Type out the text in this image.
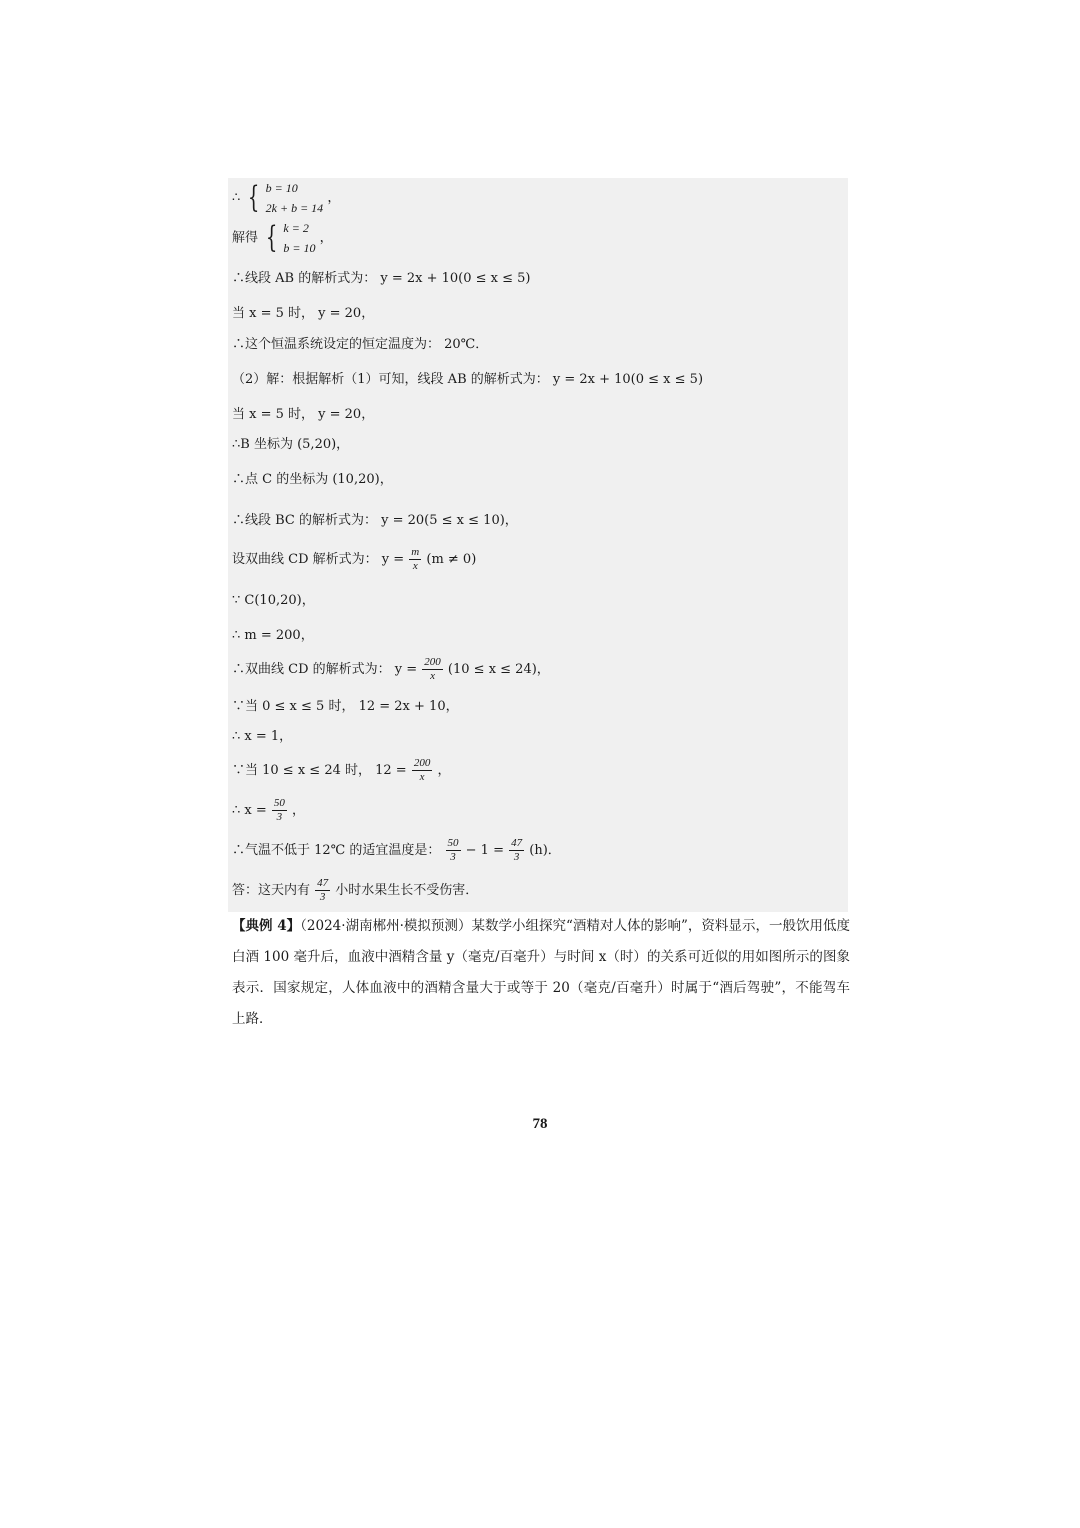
∴ { b = 10
2k + b = 14
，
解得 { k = 2
b = 10
，
∴线段 AB 的解析式为： y = 2x + 10(0 ≤ x ≤ 5)
当 x = 5 时， y = 20，
∴这个恒温系统设定的恒定温度为： 20℃．
（2）解：根据解析（1）可知，线段 AB 的解析式为： y = 2x + 10(0 ≤ x ≤ 5)
当 x = 5 时， y = 20，
∴B 坐标为 (5,20)，
∴点 C 的坐标为 (10,20)，
∴线段 BC 的解析式为： y = 20(5 ≤ x ≤ 10)，
设双曲线 CD 解析式为： $y = \frac{m}{x} (m \ne 0)$
∵ C(10,20)，
∴ m = 200，
∴双曲线 CD 的解析式为： $y = \frac{200}{x} (10 \le x \le 24)$，
∵当 0 ≤ x ≤ 5 时， 12 = 2x + 10，
∴ x = 1，
∵当 10 ≤ x ≤ 24 时， $12 = \frac{200}{x}$ ，
∴ $x = \frac{50}{3}$ ，
∴气温不低于 12℃ 的适宜温度是： $\frac{50}{3} - 1 = \frac{47}{3} (h)$．
答：这天内有 $\frac{47}{3}$ 小时水果生长不受伤害．
【典例 4】（2024·湖南郴州·模拟预测）某数学小组探究“酒精对人体的影响”，资料显示，一般饮用低度白酒 100 毫升后，血液中酒精含量 y（毫克/百毫升）与时间 x（时）的关系可近似的用如图所示的图象表示．国家规定，人体血液中的酒精含量大于或等于 20（毫克/百毫升）时属于“酒后驾驶”，不能驾车上路．
78
